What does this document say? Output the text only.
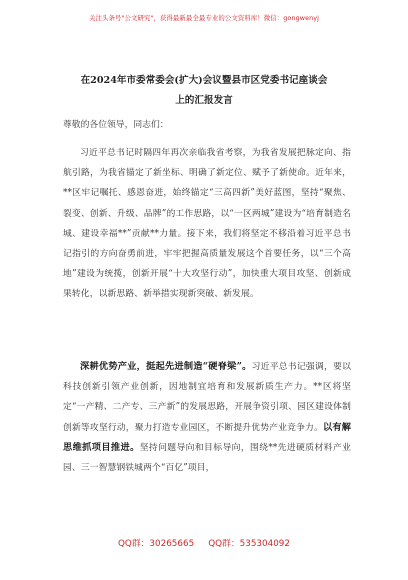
关注头条号"公文研究"，获得最新最全最专业的公文资料库！微信：gongwenyj
在2024年市委常委会(扩大)会议暨县市区党委书记座谈会
上的汇报发言
尊敬的各位领导，同志们：
习近平总书记时隔四年再次亲临我省考察，为我省发展把脉定向、指航引路，为我省锚定了新坐标、明确了新定位、赋予了新使命。近年来，**区牢记嘱托、感恩奋进，始终锚定“三高四新”美好蓝图，坚持“聚焦、裂变、创新、升级、品牌”的工作思路，以“一区两城”建设为“培育制造名城、建设幸福**”贡献**力量。接下来，我们将坚定不移沿着习近平总书记指引的方向奋勇前进，牢牢把握高质量发展这个首要任务，以“三个高地”建设为统揽，创新开展“十大攻坚行动”，加快重大项目攻坚、创新成果转化，以新思路、新举措实现新突破、新发展。
深耕优势产业，挺起先进制造“硬脊梁”。习近平总书记强调，要以科技创新引领产业创新，因地制宜培育和发展新质生产力。**区将坚定“一产精、二产专、三产新”的发展思路，开展争资引项、园区建设体制创新等攻坚行动，聚力打造专业园区，不断提升优势产业竞争力。以有解思维抓项目推进。坚持问题导向和目标导向，围绕**先进硬质材料产业园、三一智慧钢铁城两个“百亿”项目，
QQ群：30265665 QQ群：535304092
